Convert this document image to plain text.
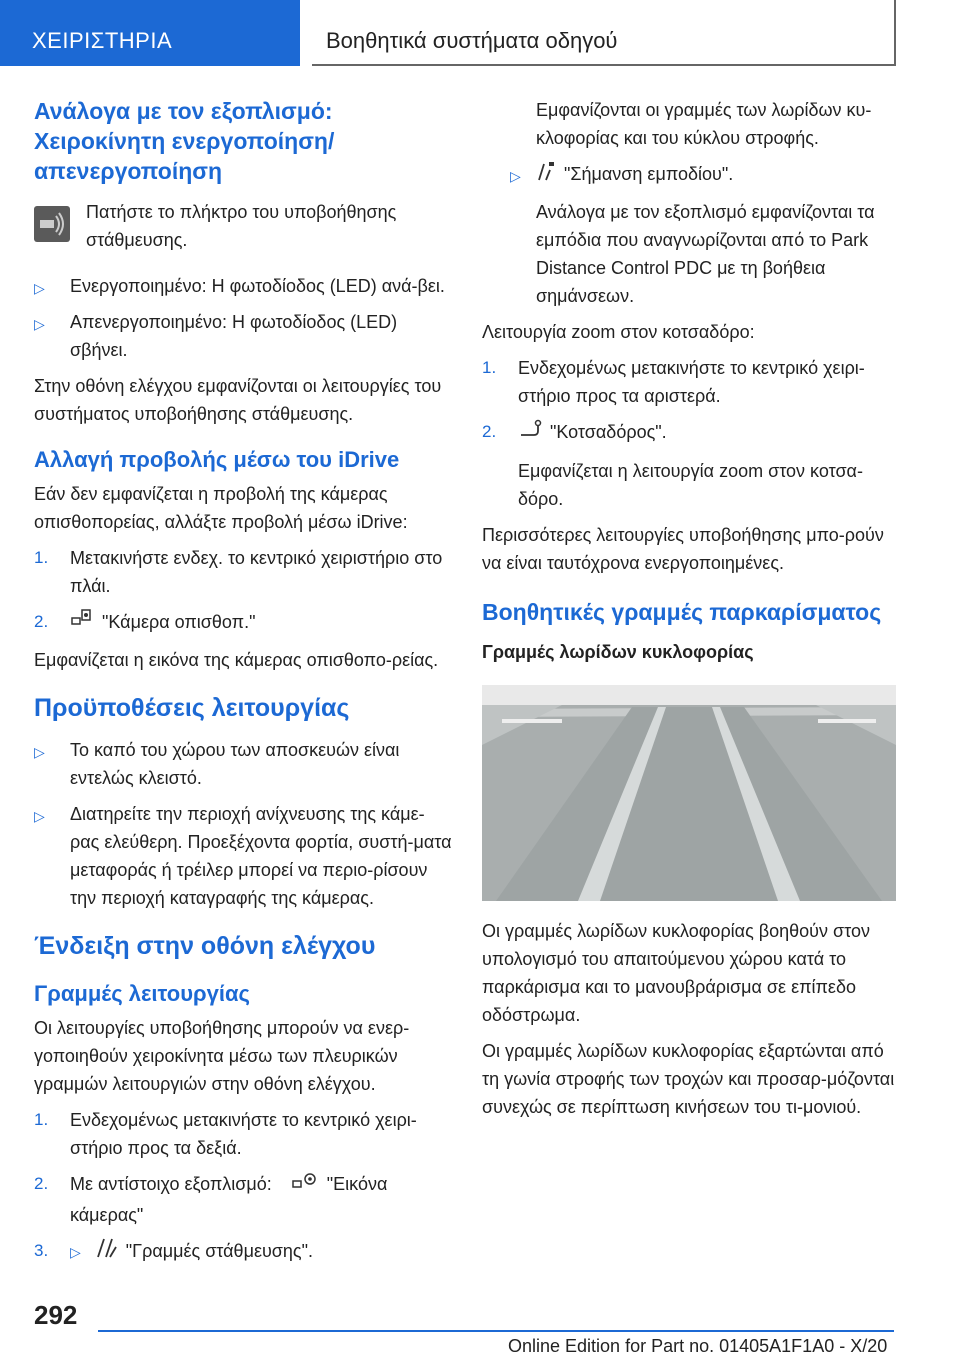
ΧΕΙΡΙΣΤΗΡΙΑ	Βοηθητικά συστήματα οδηγού
Ανάλογα με τον εξοπλισμό: Χειροκίνητη ενεργοποίηση/ απενεργοποίηση

Πατήστε το πλήκτρο του υποβοήθησης στάθμευσης.

▷ Ενεργοποιημένο: Η φωτοδίοδος (LED) ανά-βει.
▷ Απενεργοποιημένο: Η φωτοδίοδος (LED) σβήνει.

Στην οθόνη ελέγχου εμφανίζονται οι λειτουργίες του συστήματος υποβοήθησης στάθμευσης.

Αλλαγή προβολής μέσω του iDrive

Εάν δεν εμφανίζεται η προβολή της κάμερας οπισθοπορείας, αλλάξτε προβολή μέσω iDrive:

1. Μετακινήστε ενδεχ. το κεντρικό χειριστήριο στο πλάι.
2.	"Κάμερα οπισθοπ."

Εμφανίζεται η εικόνα της κάμερας οπισθοπο-ρείας.

Προϋποθέσεις λειτουργίας
▷ Το καπό του χώρου των αποσκευών είναι εντελώς κλειστό.
▷ Διατηρείτε την περιοχή ανίχνευσης της κάμε-ρας ελεύθερη. Προεξέχοντα φορτία, συστή-ματα μεταφοράς ή τρέιλερ μπορεί να περιο-ρίσουν την περιοχή καταγραφής της κάμερας.
Ένδειξη στην οθόνη ελέγχου
Γραμμές λειτουργίας

Οι λειτουργίες υποβοήθησης μπορούν να ενερ-γοποιηθούν χειροκίνητα μέσω των πλευρικών γραμμών λειτουργιών στην οθόνη ελέγχου.

1. Ενδεχομένως μετακινήστε το κεντρικό χειρι-στήριο προς τα δεξιά.
2. Με αντίστοιχο εξοπλισμό:	"Εικόνα κάμερας"
3. ▷	"Γραμμές στάθμευσης".

Εμφανίζονται οι γραμμές των λωρίδων κυ-κλοφορίας και του κύκλου στροφής.

▷ "Σήμανση εμποδίου".

Ανάλογα με τον εξοπλισμό εμφανίζονται τα εμπόδια που αναγνωρίζονται από το Park Distance Control PDC με τη βοήθεια σημάνσεων.

Λειτουργία zoom στον κοτσαδόρο:

1. Ενδεχομένως μετακινήστε το κεντρικό χειρι-στήριο προς τα αριστερά.
2.	"Κοτσαδόρος".

Εμφανίζεται η λειτουργία zoom στον κοτσα-δόρο.

Περισσότερες λειτουργίες υποβοήθησης μπο-ρούν να είναι ταυτόχρονα ενεργοποιημένες.

Βοηθητικές γραμμές παρκαρίσματος
Γραμμές λωρίδων κυκλοφορίας

Οι γραμμές λωρίδων κυκλοφορίας βοηθούν στον υπολογισμό του απαιτούμενου χώρου κατά το παρκάρισμα και το μανουβράρισμα σε επίπεδο οδόστρωμα.

Οι γραμμές λωρίδων κυκλοφορίας εξαρτώνται από τη γωνία στροφής των τροχών και προσαρ-μόζονται συνεχώς σε περίπτωση κινήσεων του τι-μονιού.

292
Online Edition for Part no. 01405A1F1A0 - X/20
